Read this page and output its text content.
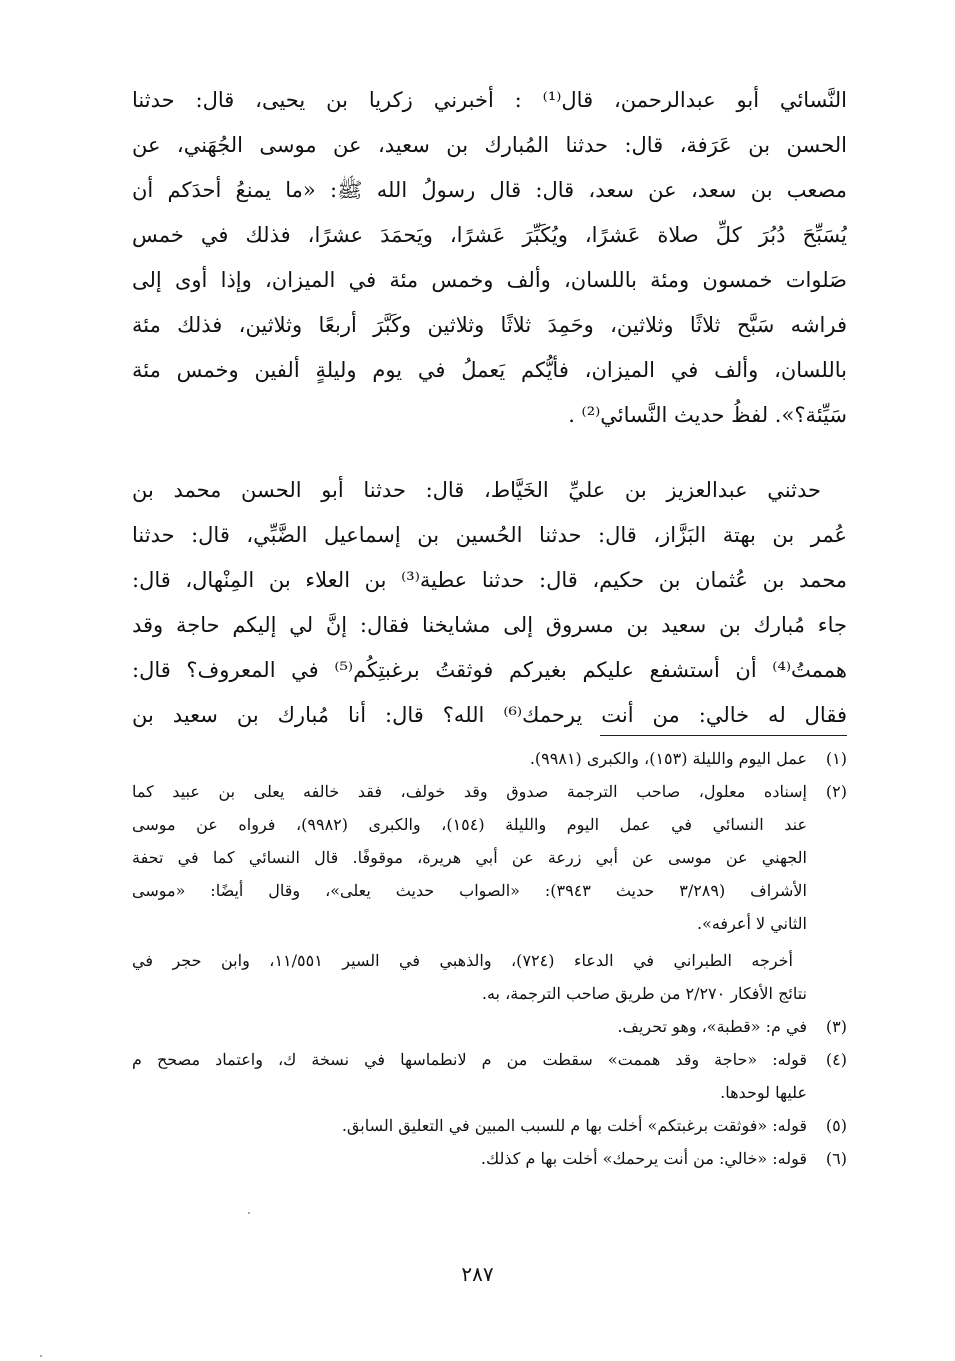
النَّسائي أبو عبدالرحمن، قال⁽¹⁾ : أخبرني زكريا بن يحيى، قال: حدثنا
الحسن بن عَرَفة، قال: حدثنا المُبارك بن سعيد، عن موسى الجُهَني، عن
مصعب بن سعد، عن سعد، قال: قال رسولُ الله ﷺ: «ما يمنعُ أحدَكم أن
يُسَبِّحَ دُبُرَ كلِّ صلاة عَشرًا، ويُكَبِّرَ عَشرًا، ويَحمَدَ عشرًا، فذلك في خمس
صَلوات خمسون ومئة باللسان، وألف وخمس مئة في الميزان، وإذا أوى إلى
فراشه سَبَّح ثلاثًا وثلاثين، وحَمِدَ ثلاثًا وثلاثين وكَبَّرَ أربعًا وثلاثين، فذلك مئة
باللسان، وألف في الميزان، فأيُّكم يَعملُ في يوم وليلةٍ ألفين وخمس مئة
سَيِّئة؟». لفظُ حديث النَّسائي⁽²⁾ .
حدثني عبدالعزيز بن عليِّ الخَيَّاط، قال: حدثنا أبو الحسن محمد بن
عُمر بن بهتة البَزَّاز، قال: حدثنا الحُسين بن إسماعيل الضَّبِّي، قال: حدثنا
محمد بن عُثمان بن حكيم، قال: حدثنا عطية⁽³⁾ بن العلاء بن المِنْهال، قال:
جاء مُبارك بن سعيد بن مسروق إلى مشايخنا فقال: إنَّ لي إليكم حاجة وقد
هممتُ⁽⁴⁾ أن أستشفع عليكم بغيركم فوثقتُ برغبتِكُم⁽⁵⁾ في المعروف؟ قال:
فقال له خالي: من أنت يرحمك⁽⁶⁾ الله؟ قال: أنا مُبارك بن سعيد بن
(١)
عمل اليوم والليلة (١٥٣)، والكبرى (٩٩٨١).
(٢)
إسناده معلول، صاحب الترجمة صدوق وقد خولف، فقد خالفه يعلى بن عبيد كما
عند النسائي في عمل اليوم والليلة (١٥٤)، والكبرى (٩٩٨٢)، فرواه عن موسى
الجهني عن موسى عن أبي زرعة عن أبي هريرة، موقوفًا. قال النسائي كما في تحفة
الأشراف (٣/٢٨٩ حديث ٣٩٤٣): «الصواب حديث يعلى»، وقال أيضًا: «موسى
الثاني لا أعرفه».
أخرجه الطبراني في الدعاء (٧٢٤)، والذهبي في السير ١١/٥٥١، وابن حجر في
نتائج الأفكار ٢/٢٧٠ من طريق صاحب الترجمة، به.
(٣)
في م: «قطبة»، وهو تحريف.
(٤)
قوله: «حاجة وقد هممت» سقطت من م لانطماسها في نسخة ك، واعتماد مصحح م
عليها لوحدها.
(٥)
قوله: «فوثقت برغبتكم» أخلت بها م للسبب المبين في التعليق السابق.
(٦)
قوله: «خالي: من أنت يرحمك» أخلت بها م كذلك.
٢٨٧
